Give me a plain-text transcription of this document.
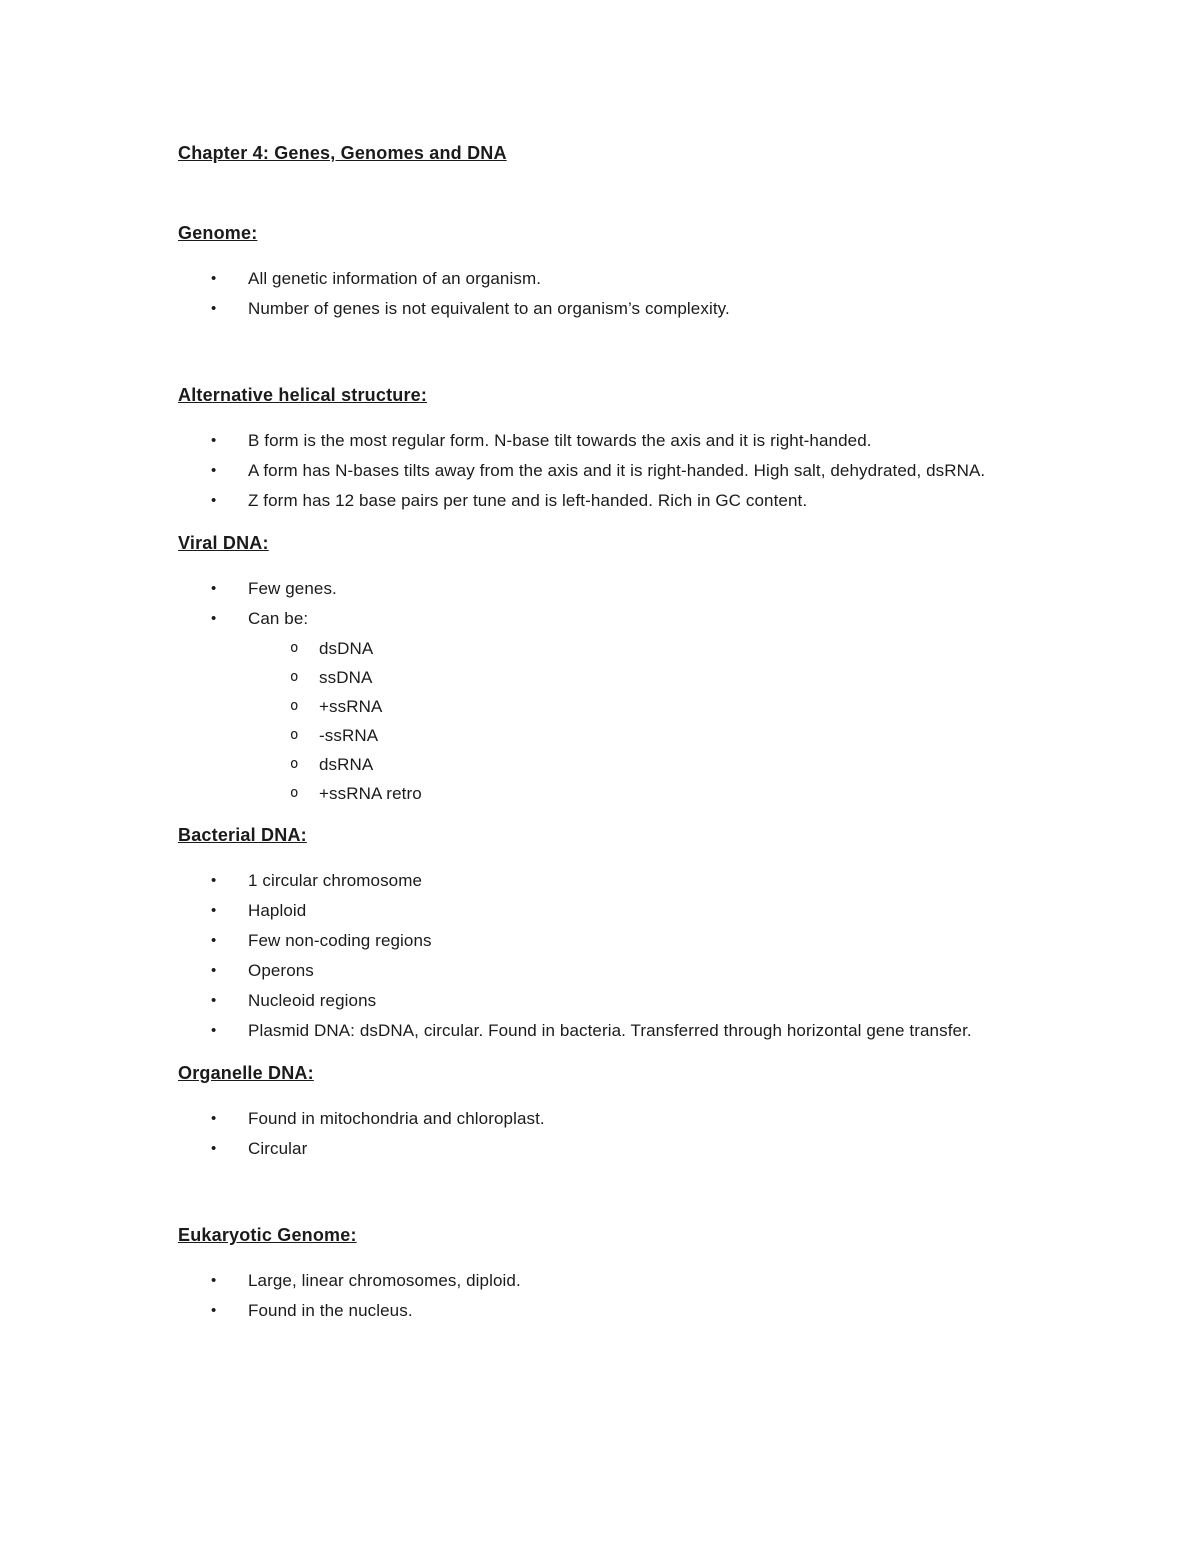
Chapter 4: Genes, Genomes and DNA
Genome:
•	All genetic information of an organism.
•	Number of genes is not equivalent to an organism’s complexity.
Alternative helical structure:
•	B form is the most regular form. N-base tilt towards the axis and it is right-handed.
•	A form has N-bases tilts away from the axis and it is right-handed. High salt, dehydrated, dsRNA.
•	Z form has 12 base pairs per tune and is left-handed. Rich in GC content.
Viral DNA:
•	Few genes.
•	Can be:
o	dsDNA
o	ssDNA
o	+ssRNA
o	-ssRNA
o	dsRNA
o	+ssRNA retro
Bacterial DNA:
•	1 circular chromosome
•	Haploid
•	Few non-coding regions
•	Operons
•	Nucleoid regions
•	Plasmid DNA: dsDNA, circular. Found in bacteria. Transferred through horizontal gene transfer.
Organelle DNA:
•	Found in mitochondria and chloroplast.
•	Circular
Eukaryotic Genome:
•	Large, linear chromosomes, diploid.
•	Found in the nucleus.
